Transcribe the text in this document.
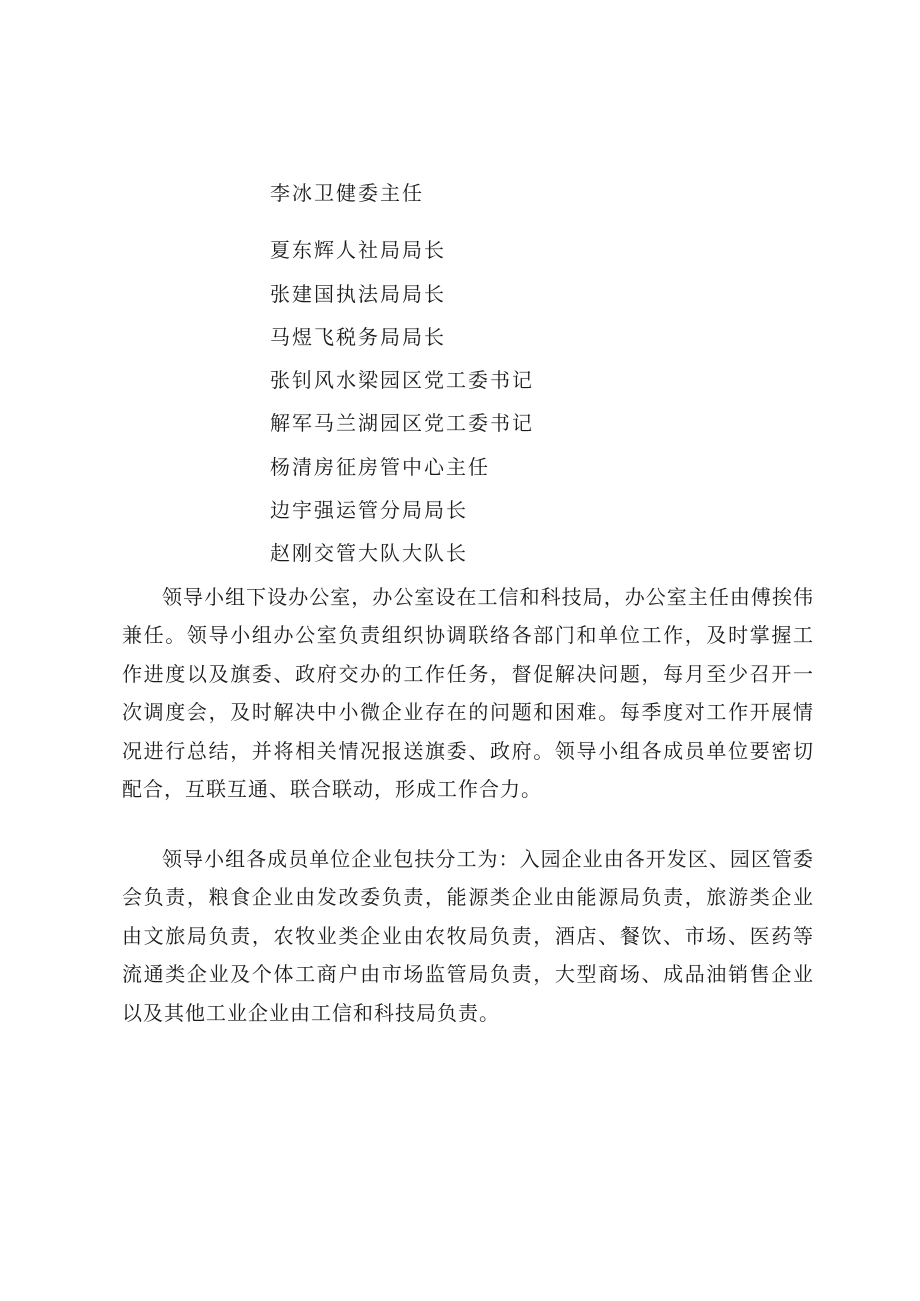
李冰卫健委主任
夏东辉人社局局长
张建国执法局局长
马煜飞税务局局长
张钊风水梁园区党工委书记
解军马兰湖园区党工委书记
杨清房征房管中心主任
边宇强运管分局局长
赵刚交管大队大队长

领导小组下设办公室，办公室设在工信和科技局，办公室主任由傅挨伟兼任。领导小组办公室负责组织协调联络各部门和单位工作，及时掌握工作进度以及旗委、政府交办的工作任务，督促解决问题，每月至少召开一次调度会，及时解决中小微企业存在的问题和困难。每季度对工作开展情况进行总结，并将相关情况报送旗委、政府。领导小组各成员单位要密切配合，互联互通、联合联动，形成工作合力。

领导小组各成员单位企业包扶分工为：入园企业由各开发区、园区管委会负责，粮食企业由发改委负责，能源类企业由能源局负责，旅游类企业由文旅局负责，农牧业类企业由农牧局负责，酒店、餐饮、市场、医药等流通类企业及个体工商户由市场监管局负责，大型商场、成品油销售企业以及其他工业企业由工信和科技局负责。
